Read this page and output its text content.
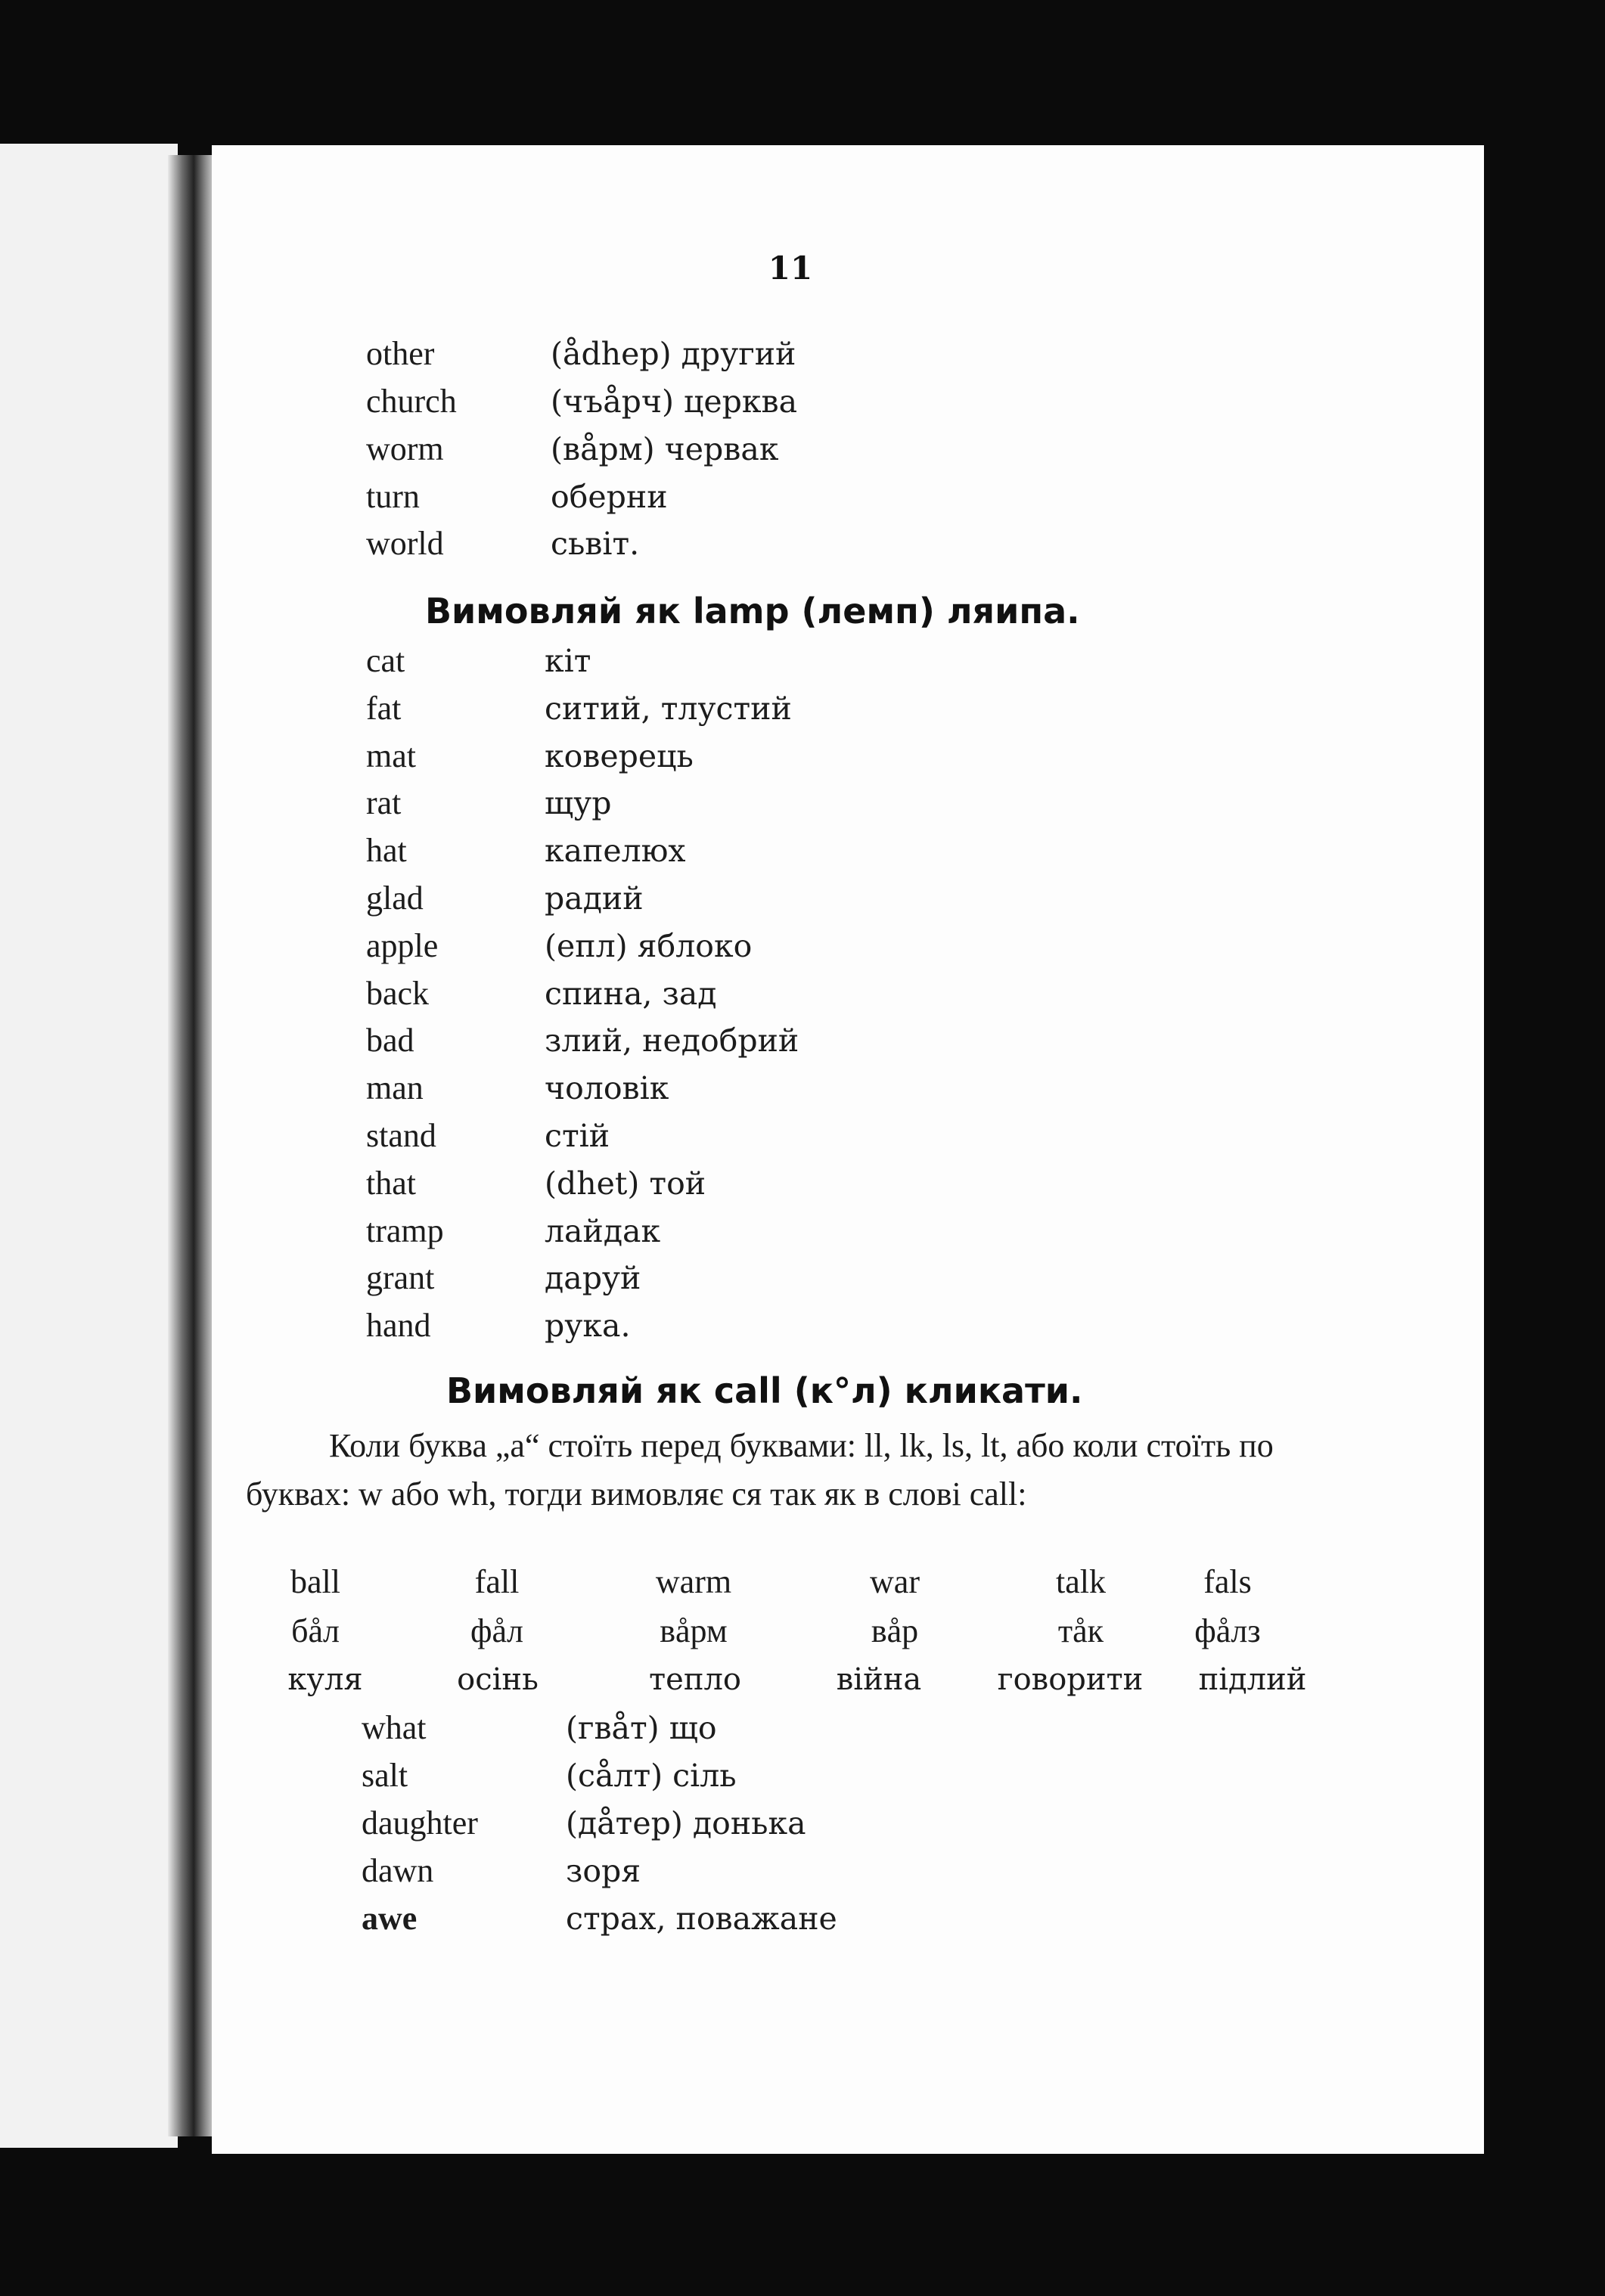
11
other	(ådhep) другий
church	(чъåрч) церква
worm	(вåрм) червак
turn	оберни
world	сьвіт.
Вимовляй як lamp (лемп) ляипа.
cat	кіт
fat	ситий, тлустий
mat	коверець
rat	щур
hat	капелюх
glad	радий
apple	(епл) яблоко
back	спина, зад
bad	злий, недобрий
man	чоловік
stand	стій
that	(dhet) той
tramp	лайдак
grant	даруй
hand	рука.
Вимовляй як call (к°л) кликати.
Коли буква „а“ стоїть перед буквами: ll, lk, ls, lt, або коли стоїть по буквах: w або wh, тогди вимовляє ся так як в слові call:
ball	fall	warm	war	talk	fals
бåл	фåл	вåрм	вåр	тåк	фåлз
куля	осінь	тепло	війна	говорити	підлий
what	(гвåт) що
salt	(сåлт) сіль
daughter	(дåтер) донька
dawn	зоря
awe	страх, поважане
